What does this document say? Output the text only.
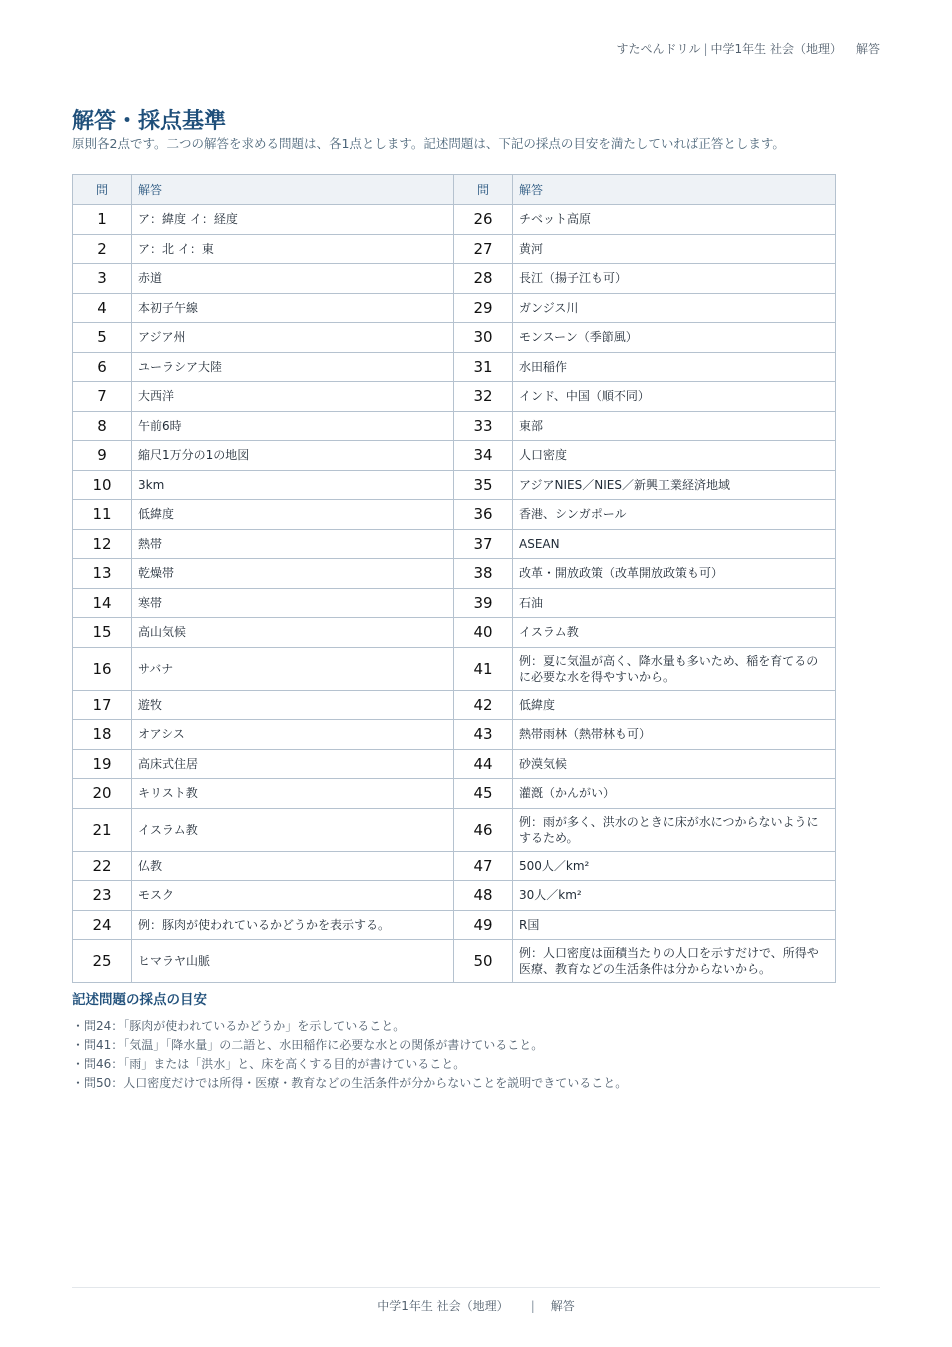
すたぺんドリル | 中学1年生 社会（地理） 解答
解答・採点基準

原則各2点です。二つの解答を求める問題は、各1点とします。記述問題は、下記の採点の目安を満たしていれば正答とします。

問	解答	問	解答
1	ア：緯度 イ：経度	26	チベット高原
2	ア：北 イ：東	27	黄河
3	赤道	28	長江（揚子江も可）
4	本初子午線	29	ガンジス川
5	アジア州	30	モンスーン（季節風）
6	ユーラシア大陸	31	水田稲作
7	大西洋	32	インド、中国（順不同）
8	午前6時	33	東部
9	縮尺1万分の1の地図	34	人口密度
10	3km	35	アジアNIES／NIES／新興工業経済地域
11	低緯度	36	香港、シンガポール
12	熱帯	37	ASEAN
13	乾燥帯	38	改革・開放政策（改革開放政策も可）
14	寒帯	39	石油
15	高山気候	40	イスラム教
16	サバナ	41	例：夏に気温が高く、降水量も多いため、稲を育てるのに必要な水を得やすいから。
17	遊牧	42	低緯度
18	オアシス	43	熱帯雨林（熱帯林も可）
19	高床式住居	44	砂漠気候
20	キリスト教	45	灌漑（かんがい）
21	イスラム教	46	例：雨が多く、洪水のときに床が水につからないようにするため。
22	仏教	47	500人／km²
23	モスク	48	30人／km²
24	例：豚肉が使われているかどうかを表示する。	49	R国
25	ヒマラヤ山脈	50	例：人口密度は面積当たりの人口を示すだけで、所得や医療、教育などの生活条件は分からないから。
記述問題の採点の目安
・問24：「豚肉が使われているかどうか」を示していること。
・問41：「気温」「降水量」の二語と、水田稲作に必要な水との関係が書けていること。
・問46：「雨」または「洪水」と、床を高くする目的が書けていること。
・問50：人口密度だけでは所得・医療・教育などの生活条件が分からないことを説明できていること。
中学1年生 社会（地理） | 解答
